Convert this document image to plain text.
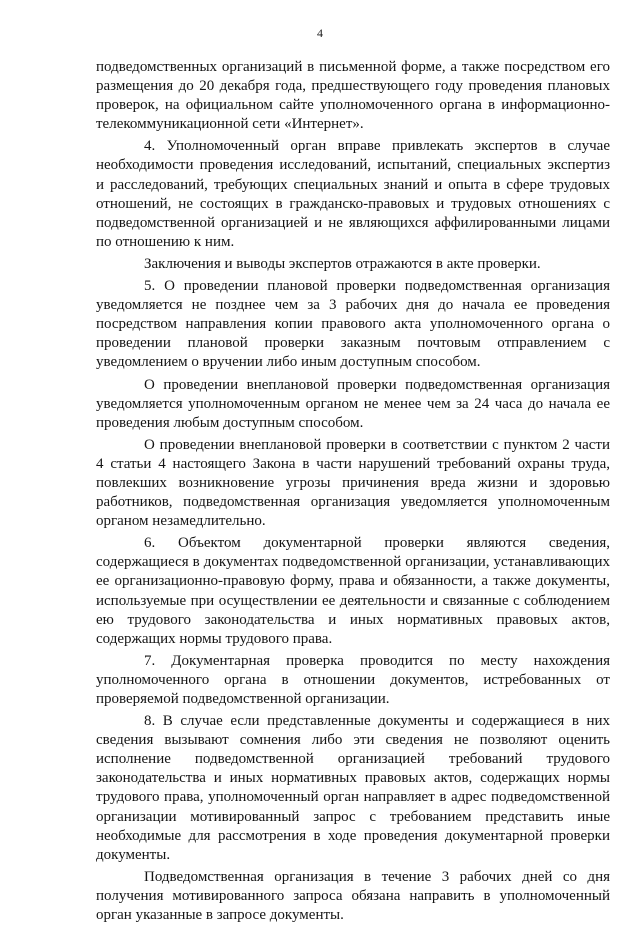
4

подведомственных организаций в письменной форме, а также посредством его размещения до 20 декабря года, предшествующего году проведения плановых проверок, на официальном сайте уполномоченного органа в информационно-телекоммуникационной сети «Интернет».

4. Уполномоченный орган вправе привлекать экспертов в случае необходимости проведения исследований, испытаний, специальных экспертиз и расследований, требующих специальных знаний и опыта в сфере трудовых отношений, не состоящих в гражданско-правовых и трудовых отношениях с подведомственной организацией и не являющихся аффилированными лицами по отношению к ним.

Заключения и выводы экспертов отражаются в акте проверки.

5. О проведении плановой проверки подведомственная организация уведомляется не позднее чем за 3 рабочих дня до начала ее проведения посредством направления копии правового акта уполномоченного органа о проведении плановой проверки заказным почтовым отправлением с уведомлением о вручении либо иным доступным способом.

О проведении внеплановой проверки подведомственная организация уведомляется уполномоченным органом не менее чем за 24 часа до начала ее проведения любым доступным способом.

О проведении внеплановой проверки в соответствии с пунктом 2 части 4 статьи 4 настоящего Закона в части нарушений требований охраны труда, повлекших возникновение угрозы причинения вреда жизни и здоровью работников, подведомственная организация уведомляется уполномоченным органом незамедлительно.

6. Объектом документарной проверки являются сведения, содержащиеся в документах подведомственной организации, устанавливающих ее организационно-правовую форму, права и обязанности, а также документы, используемые при осуществлении ее деятельности и связанные с соблюдением ею трудового законодательства и иных нормативных правовых актов, содержащих нормы трудового права.

7. Документарная проверка проводится по месту нахождения уполномоченного органа в отношении документов, истребованных от проверяемой подведомственной организации.

8. В случае если представленные документы и содержащиеся в них сведения вызывают сомнения либо эти сведения не позволяют оценить исполнение подведомственной организацией требований трудового законодательства и иных нормативных правовых актов, содержащих нормы трудового права, уполномоченный орган направляет в адрес подведомственной организации мотивированный запрос с требованием представить иные необходимые для рассмотрения в ходе проведения документарной проверки документы.

Подведомственная организация в течение 3 рабочих дней со дня получения мотивированного запроса обязана направить в уполномоченный орган указанные в запросе документы.
